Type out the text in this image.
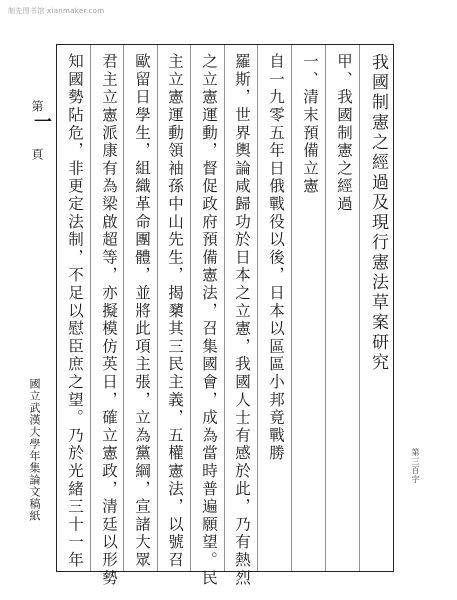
制先图书馆 xianmaker.com
第
一
頁
國立武漢大學年集論文稿紙
我國制憲之經過及現行憲法草案研究
甲、我國制憲之經過
一、清末預備立憲
自一九零五年日俄戰役以後，日本以區區小邦竟戰勝
羅斯，世界輿論咸歸功於日本之立憲，我國人士有感於此，乃有熱烈
之立憲運動，督促政府預備憲法，召集國會，成為當時普遍願望。民
主立憲運動領袖孫中山先生，揭櫫其三民主義，五權憲法，以號召
歐留日學生，組織革命團體，並將此項主張，立為黨綱，宣諸大眾
君主立憲派康有為梁啟超等，亦擬模仿英日，確立憲政，清廷以形勢
知國勢阽危，非更定法制，不足以慰臣庶之望。乃於光緒三十一年	第三百字
